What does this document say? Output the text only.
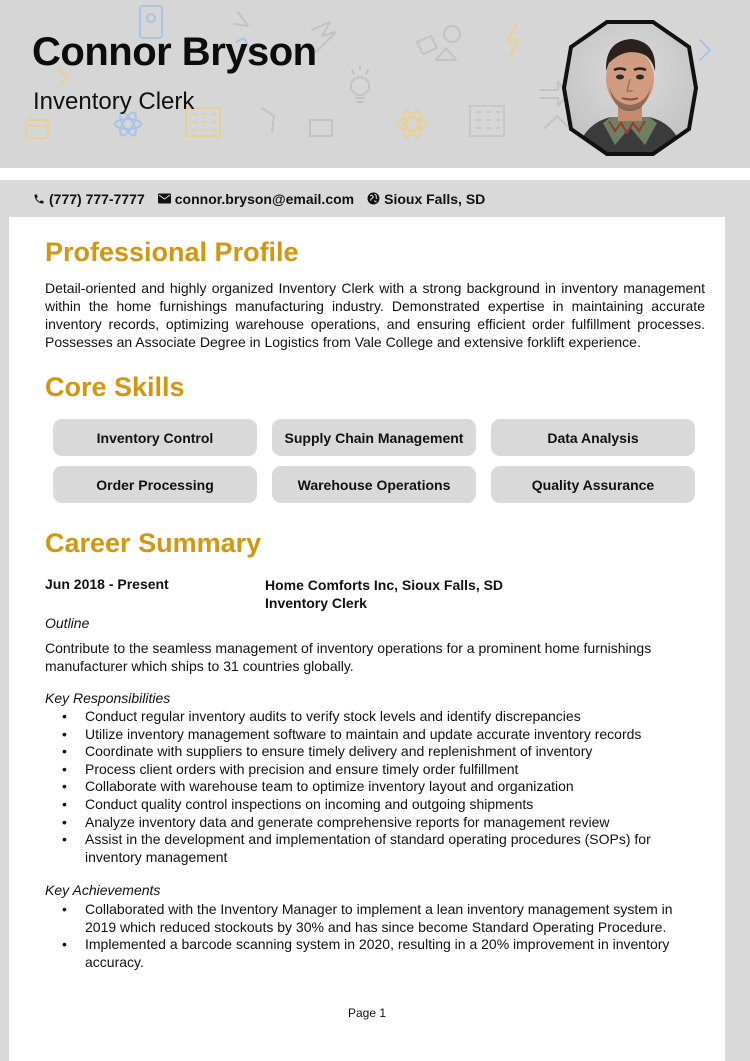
Connor Bryson
Inventory Clerk
(777) 777-7777 connor.bryson@email.com Sioux Falls, SD
Professional Profile
Detail-oriented and highly organized Inventory Clerk with a strong background in inventory management within the home furnishings manufacturing industry. Demonstrated expertise in maintaining accurate inventory records, optimizing warehouse operations, and ensuring efficient order fulfillment processes. Possesses an Associate Degree in Logistics from Vale College and extensive forklift experience.
Core Skills
Inventory Control	Supply Chain Management	Data Analysis
Order Processing	Warehouse Operations	Quality Assurance
Career Summary
Jun 2018 - Present	Home Comforts Inc, Sioux Falls, SD
Inventory Clerk
Outline
Contribute to the seamless management of inventory operations for a prominent home furnishings manufacturer which ships to 31 countries globally.
Key Responsibilities
• Conduct regular inventory audits to verify stock levels and identify discrepancies
• Utilize inventory management software to maintain and update accurate inventory records
• Coordinate with suppliers to ensure timely delivery and replenishment of inventory
• Process client orders with precision and ensure timely order fulfillment
• Collaborate with warehouse team to optimize inventory layout and organization
• Conduct quality control inspections on incoming and outgoing shipments
• Analyze inventory data and generate comprehensive reports for management review
• Assist in the development and implementation of standard operating procedures (SOPs) for inventory management
Key Achievements
• Collaborated with the Inventory Manager to implement a lean inventory management system in 2019 which reduced stockouts by 30% and has since become Standard Operating Procedure.
• Implemented a barcode scanning system in 2020, resulting in a 20% improvement in inventory accuracy.
Page 1
